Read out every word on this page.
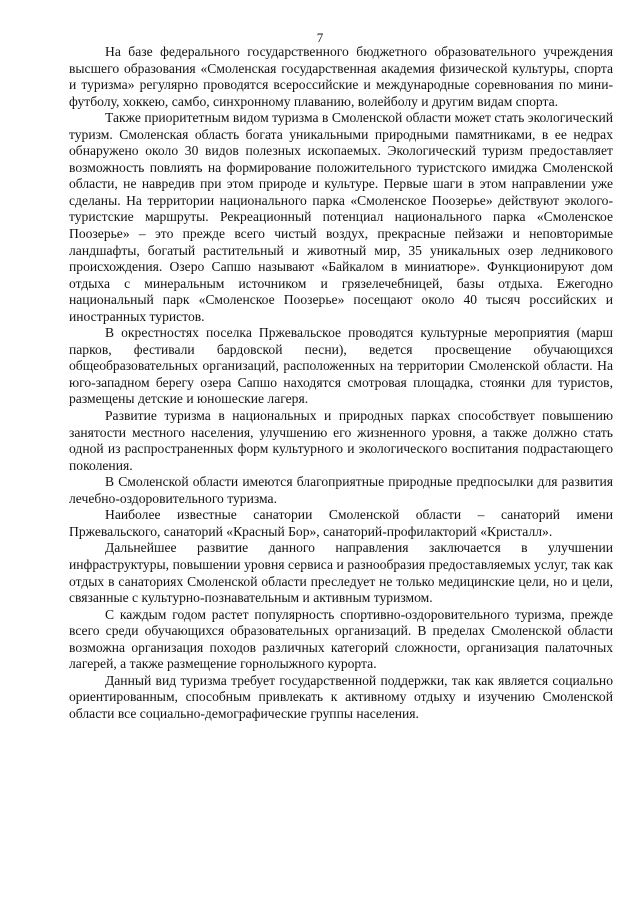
7

На базе федерального государственного бюджетного образовательного учреждения высшего образования «Смоленская государственная академия физической культуры, спорта и туризма» регулярно проводятся всероссийские и международные соревнования по мини-футболу, хоккею, самбо, синхронному плаванию, волейболу и другим видам спорта.

Также приоритетным видом туризма в Смоленской области может стать экологический туризм. Смоленская область богата уникальными природными памятниками, в ее недрах обнаружено около 30 видов полезных ископаемых. Экологический туризм предоставляет возможность повлиять на формирование положительного туристского имиджа Смоленской области, не навредив при этом природе и культуре. Первые шаги в этом направлении уже сделаны. На территории национального парка «Смоленское Поозерье» действуют эколого-туристские маршруты. Рекреационный потенциал национального парка «Смоленское Поозерье» – это прежде всего чистый воздух, прекрасные пейзажи и неповторимые ландшафты, богатый растительный и животный мир, 35 уникальных озер ледникового происхождения. Озеро Сапшо называют «Байкалом в миниатюре». Функционируют дом отдыха с минеральным источником и грязелечебницей, базы отдыха. Ежегодно национальный парк «Смоленское Поозерье» посещают около 40 тысяч российских и иностранных туристов.

В окрестностях поселка Пржевальское проводятся культурные мероприятия (марш парков, фестивали бардовской песни), ведется просвещение обучающихся общеобразовательных организаций, расположенных на территории Смоленской области. На юго-западном берегу озера Сапшо находятся смотровая площадка, стоянки для туристов, размещены детские и юношеские лагеря.

Развитие туризма в национальных и природных парках способствует повышению занятости местного населения, улучшению его жизненного уровня, а также должно стать одной из распространенных форм культурного и экологического воспитания подрастающего поколения.

В Смоленской области имеются благоприятные природные предпосылки для развития лечебно-оздоровительного туризма.

Наиболее известные санатории Смоленской области – санаторий имени Пржевальского, санаторий «Красный Бор», санаторий-профилакторий «Кристалл».

Дальнейшее развитие данного направления заключается в улучшении инфраструктуры, повышении уровня сервиса и разнообразия предоставляемых услуг, так как отдых в санаториях Смоленской области преследует не только медицинские цели, но и цели, связанные с культурно-познавательным и активным туризмом.

С каждым годом растет популярность спортивно-оздоровительного туризма, прежде всего среди обучающихся образовательных организаций. В пределах Смоленской области возможна организация походов различных категорий сложности, организация палаточных лагерей, а также размещение горнолыжного курорта.

Данный вид туризма требует государственной поддержки, так как является социально ориентированным, способным привлекать к активному отдыху и изучению Смоленской области все социально-демографические группы населения.
